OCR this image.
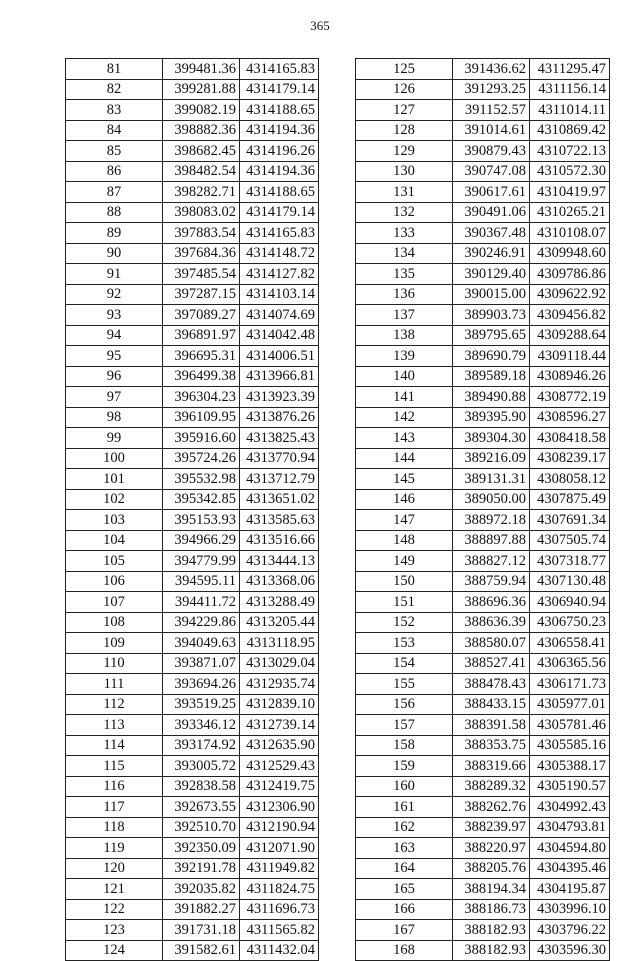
365
81	399481.36	4314165.83
82	399281.88	4314179.14
83	399082.19	4314188.65
84	398882.36	4314194.36
85	398682.45	4314196.26
86	398482.54	4314194.36
87	398282.71	4314188.65
88	398083.02	4314179.14
89	397883.54	4314165.83
90	397684.36	4314148.72
91	397485.54	4314127.82
92	397287.15	4314103.14
93	397089.27	4314074.69
94	396891.97	4314042.48
95	396695.31	4314006.51
96	396499.38	4313966.81
97	396304.23	4313923.39
98	396109.95	4313876.26
99	395916.60	4313825.43
100	395724.26	4313770.94
101	395532.98	4313712.79
102	395342.85	4313651.02
103	395153.93	4313585.63
104	394966.29	4313516.66
105	394779.99	4313444.13
106	394595.11	4313368.06
107	394411.72	4313288.49
108	394229.86	4313205.44
109	394049.63	4313118.95
110	393871.07	4313029.04
111	393694.26	4312935.74
112	393519.25	4312839.10
113	393346.12	4312739.14
114	393174.92	4312635.90
115	393005.72	4312529.43
116	392838.58	4312419.75
117	392673.55	4312306.90
118	392510.70	4312190.94
119	392350.09	4312071.90
120	392191.78	4311949.82
121	392035.82	4311824.75
122	391882.27	4311696.73
123	391731.18	4311565.82
124	391582.61	4311432.04
125	391436.62	4311295.47
126	391293.25	4311156.14
127	391152.57	4311014.11
128	391014.61	4310869.42
129	390879.43	4310722.13
130	390747.08	4310572.30
131	390617.61	4310419.97
132	390491.06	4310265.21
133	390367.48	4310108.07
134	390246.91	4309948.60
135	390129.40	4309786.86
136	390015.00	4309622.92
137	389903.73	4309456.82
138	389795.65	4309288.64
139	389690.79	4309118.44
140	389589.18	4308946.26
141	389490.88	4308772.19
142	389395.90	4308596.27
143	389304.30	4308418.58
144	389216.09	4308239.17
145	389131.31	4308058.12
146	389050.00	4307875.49
147	388972.18	4307691.34
148	388897.88	4307505.74
149	388827.12	4307318.77
150	388759.94	4307130.48
151	388696.36	4306940.94
152	388636.39	4306750.23
153	388580.07	4306558.41
154	388527.41	4306365.56
155	388478.43	4306171.73
156	388433.15	4305977.01
157	388391.58	4305781.46
158	388353.75	4305585.16
159	388319.66	4305388.17
160	388289.32	4305190.57
161	388262.76	4304992.43
162	388239.97	4304793.81
163	388220.97	4304594.80
164	388205.76	4304395.46
165	388194.34	4304195.87
166	388186.73	4303996.10
167	388182.93	4303796.22
168	388182.93	4303596.30
